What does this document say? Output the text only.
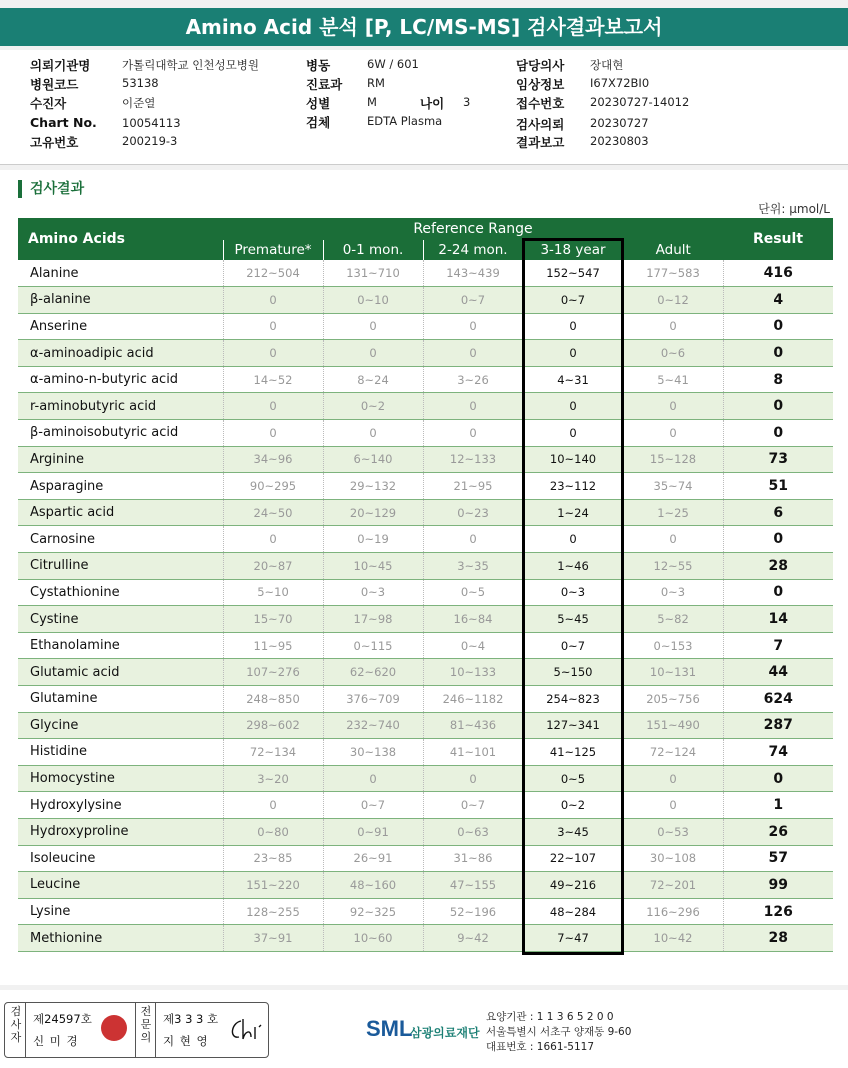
Amino Acid 분석 [P, LC/MS-MS] 검사결과보고서
의뢰기관명	가톨릭대학교 인천성모병원
병원코드	53138
수진자	이준열
Chart No. 10054113
고유번호	200219-3
병동	6W / 601
진료과 RM
성별	M
검체	EDTA Plasma
담당의사 장대현
임상정보 I67X72BI0
접수번호 20230727-14012
검사의뢰 20230727
결과보고 20230803
나이 3
검사결과
단위: μmol/L
Amino Acids	Reference Range					Result
	Premature*	0-1 mon.	2-24 mon.	3-18 year	Adult	
Alanine	212~504	131~710	143~439	152~547	177~583	416
β-alanine	0	0~10	0~7	0~7	0~12	4
Anserine	0	0	0	0	0	0
α-aminoadipic acid	0	0	0	0	0~6	0
α-amino-n-butyric acid	14~52	8~24	3~26	4~31	5~41	8
r-aminobutyric acid	0	0~2	0	0	0	0
β-aminoisobutyric acid	0	0	0	0	0	0
Arginine	34~96	6~140	12~133	10~140	15~128	73
Asparagine	90~295	29~132	21~95	23~112	35~74	51
Aspartic acid	24~50	20~129	0~23	1~24	1~25	6
Carnosine	0	0~19	0	0	0	0
Citrulline	20~87	10~45	3~35	1~46	12~55	28
Cystathionine	5~10	0~3	0~5	0~3	0~3	0
Cystine	15~70	17~98	16~84	5~45	5~82	14
Ethanolamine	11~95	0~115	0~4	0~7	0~153	7
Glutamic acid	107~276	62~620	10~133	5~150	10~131	44
Glutamine	248~850	376~709	246~1182	254~823	205~756	624
Glycine	298~602	232~740	81~436	127~341	151~490	287
Histidine	72~134	30~138	41~101	41~125	72~124	74
Homocystine	3~20	0	0	0~5	0	0
Hydroxylysine	0	0~7	0~7	0~2	0	1
Hydroxyproline	0~80	0~91	0~63	3~45	0~53	26
Isoleucine	23~85	26~91	31~86	22~107	30~108	57
Leucine	151~220	48~160	47~155	49~216	72~201	99
Lysine	128~255	92~325	52~196	48~284	116~296	126
Methionine	37~91	10~60	9~42	7~47	10~42	28
검사자
제24597호
신 미 경
전문의
제3 3 3 호
지 현 영	SML
삼광의료재단
요양기관 : 1 1 3 6 5 2 0 0
서울특별시 서초구 양재동 9-60
대표번호 : 1661-5117
